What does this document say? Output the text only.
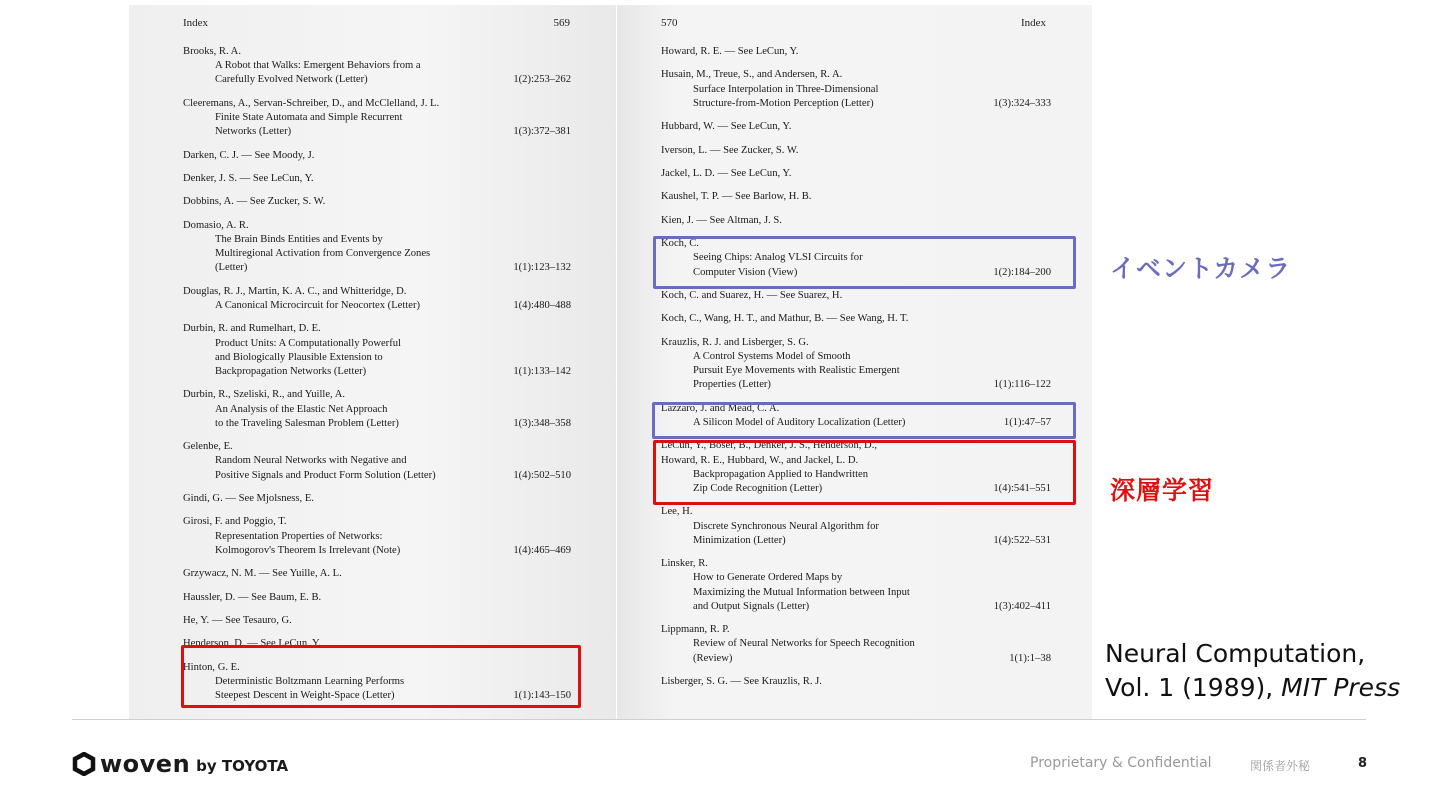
Index	569
Brooks, R. A.
A Robot that Walks: Emergent Behaviors from a
Carefully Evolved Network (Letter)	1(2):253–262
Cleeremans, A., Servan-Schreiber, D., and McClelland, J. L.
Finite State Automata and Simple Recurrent
Networks (Letter)	1(3):372–381
Darken, C. J. — See Moody, J.
Denker, J. S. — See LeCun, Y.
Dobbins, A. — See Zucker, S. W.
Domasio, A. R.
The Brain Binds Entities and Events by
Multiregional Activation from Convergence Zones
(Letter)	1(1):123–132
Douglas, R. J., Martin, K. A. C., and Whitteridge, D.
A Canonical Microcircuit for Neocortex (Letter)	1(4):480–488
Durbin, R. and Rumelhart, D. E.
Product Units: A Computationally Powerful
and Biologically Plausible Extension to
Backpropagation Networks (Letter)	1(1):133–142
Durbin, R., Szeliski, R., and Yuille, A.
An Analysis of the Elastic Net Approach
to the Traveling Salesman Problem (Letter)	1(3):348–358
Gelenbe, E.
Random Neural Networks with Negative and
Positive Signals and Product Form Solution (Letter)	1(4):502–510
Gindi, G. — See Mjolsness, E.
Girosi, F. and Poggio, T.
Representation Properties of Networks:
Kolmogorov's Theorem Is Irrelevant (Note)	1(4):465–469
Grzywacz, N. M. — See Yuille, A. L.
Haussler, D. — See Baum, E. B.
He, Y. — See Tesauro, G.
Henderson, D. — See LeCun, Y.
Hinton, G. E.
Deterministic Boltzmann Learning Performs
Steepest Descent in Weight-Space (Letter)	1(1):143–150
570	Index
Howard, R. E. — See LeCun, Y.
Husain, M., Treue, S., and Andersen, R. A.
Surface Interpolation in Three-Dimensional
Structure-from-Motion Perception (Letter)	1(3):324–333
Hubbard, W. — See LeCun, Y.
Iverson, L. — See Zucker, S. W.
Jackel, L. D. — See LeCun, Y.
Kaushel, T. P. — See Barlow, H. B.
Kien, J. — See Altman, J. S.
Koch, C.
Seeing Chips: Analog VLSI Circuits for
Computer Vision (View)	1(2):184–200
Koch, C. and Suarez, H. — See Suarez, H.
Koch, C., Wang, H. T., and Mathur, B. — See Wang, H. T.
Krauzlis, R. J. and Lisberger, S. G.
A Control Systems Model of Smooth
Pursuit Eye Movements with Realistic Emergent
Properties (Letter)	1(1):116–122
Lazzaro, J. and Mead, C. A.
A Silicon Model of Auditory Localization (Letter)	1(1):47–57
LeCun, Y., Boser, B., Denker, J. S., Henderson, D.,
Howard, R. E., Hubbard, W., and Jackel, L. D.
Backpropagation Applied to Handwritten
Zip Code Recognition (Letter)	1(4):541–551
Lee, H.
Discrete Synchronous Neural Algorithm for
Minimization (Letter)	1(4):522–531
Linsker, R.
How to Generate Ordered Maps by
Maximizing the Mutual Information between Input
and Output Signals (Letter)	1(3):402–411
Lippmann, R. P.
Review of Neural Networks for Speech Recognition
(Review)	1(1):1–38
Lisberger, S. G. — See Krauzlis, R. J.
イベントカメラ
深層学習
Neural Computation,
Vol. 1 (1989), MIT Press
woven by TOYOTA	Proprietary & Confidential	関係者外秘	8
